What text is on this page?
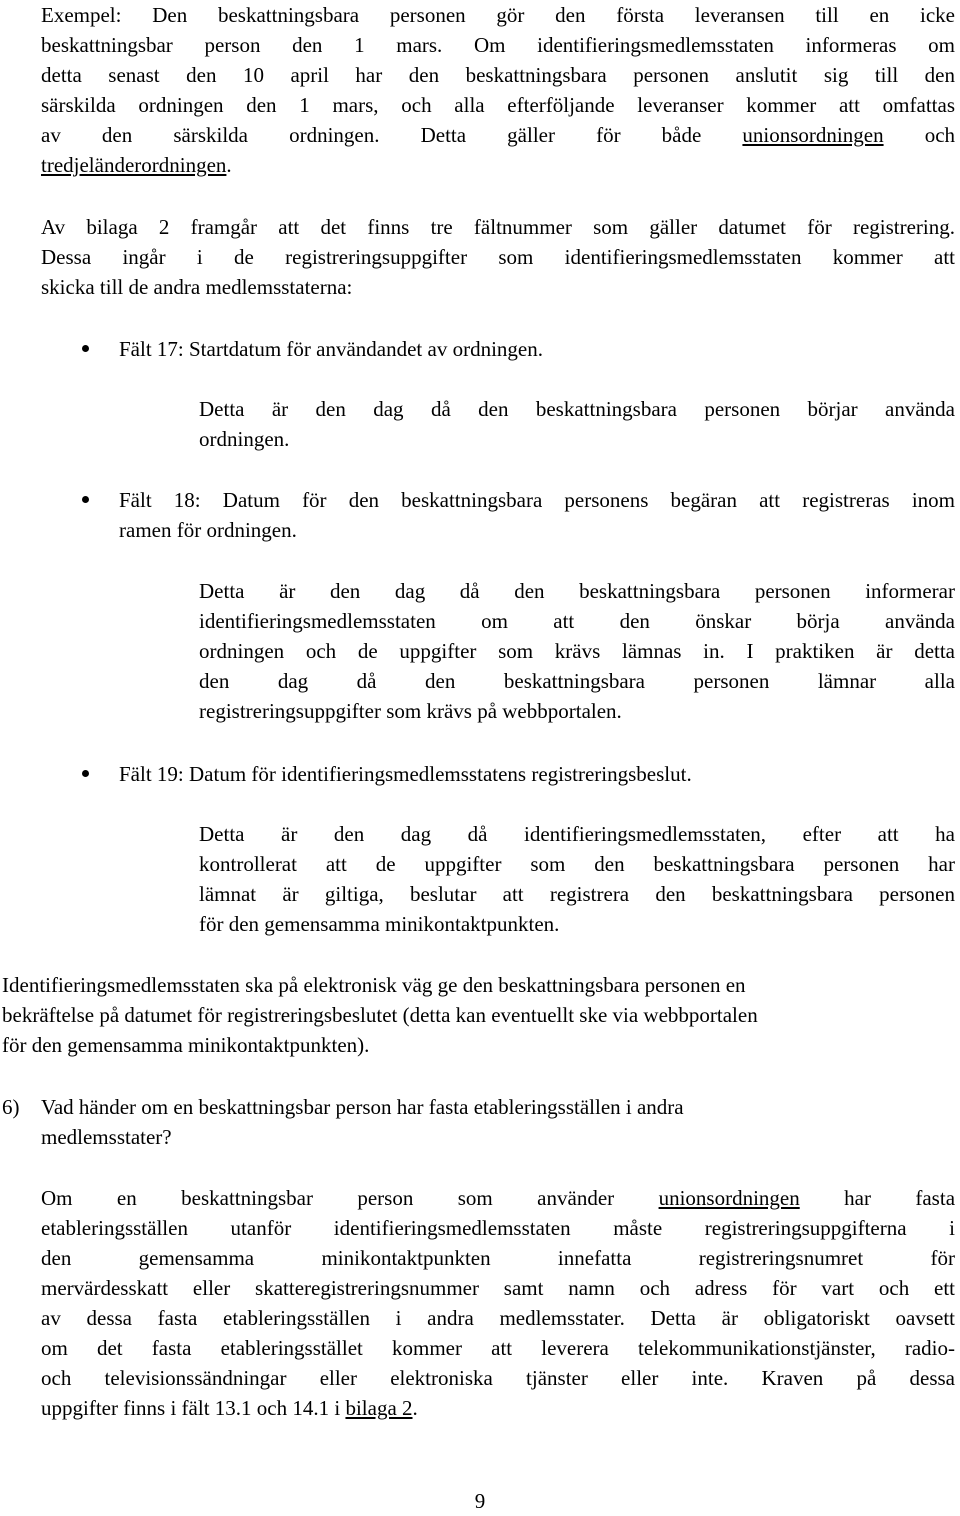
Exempel: Den beskattningsbara personen gör den första leveransen till en icke
beskattningsbar person den 1 mars. Om identifieringsmedlemsstaten informeras om
detta senast den 10 april har den beskattningsbara personen anslutit sig till den
särskilda ordningen den 1 mars, och alla efterföljande leveranser kommer att omfattas
av den särskilda ordningen. Detta gäller för både unionsordningen och
tredjeländerordningen.
Av bilaga 2 framgår att det finns tre fältnummer som gäller datumet för registrering.
Dessa ingår i de registreringsuppgifter som identifieringsmedlemsstaten kommer att
skicka till de andra medlemsstaterna:
Fält 17: Startdatum för användandet av ordningen.
Detta är den dag då den beskattningsbara personen börjar använda
ordningen.
Fält 18: Datum för den beskattningsbara personens begäran att registreras inom
ramen för ordningen.
Detta är den dag då den beskattningsbara personen informerar
identifieringsmedlemsstaten om att den önskar börja använda
ordningen och de uppgifter som krävs lämnas in. I praktiken är detta
den dag då den beskattningsbara personen lämnar alla
registreringsuppgifter som krävs på webbportalen.
Fält 19: Datum för identifieringsmedlemsstatens registreringsbeslut.
Detta är den dag då identifieringsmedlemsstaten, efter att ha
kontrollerat att de uppgifter som den beskattningsbara personen har
lämnat är giltiga, beslutar att registrera den beskattningsbara personen
för den gemensamma minikontaktpunkten.
Identifieringsmedlemsstaten ska på elektronisk väg ge den beskattningsbara personen en
bekräftelse på datumet för registreringsbeslutet (detta kan eventuellt ske via webbportalen
för den gemensamma minikontaktpunkten).
6)	Vad händer om en beskattningsbar person har fasta etableringsställen i andra
medlemsstater?
Om en beskattningsbar person som använder unionsordningen har fasta
etableringsställen utanför identifieringsmedlemsstaten måste registreringsuppgifterna i
den gemensamma minikontaktpunkten innefatta registreringsnumret för
mervärdesskatt eller skatteregistreringsnummer samt namn och adress för vart och ett
av dessa fasta etableringsställen i andra medlemsstater. Detta är obligatoriskt oavsett
om det fasta etableringsstället kommer att leverera telekommunikationstjänster, radio-
och televisionssändningar eller elektroniska tjänster eller inte. Kraven på dessa
uppgifter finns i fält 13.1 och 14.1 i bilaga 2.
9
